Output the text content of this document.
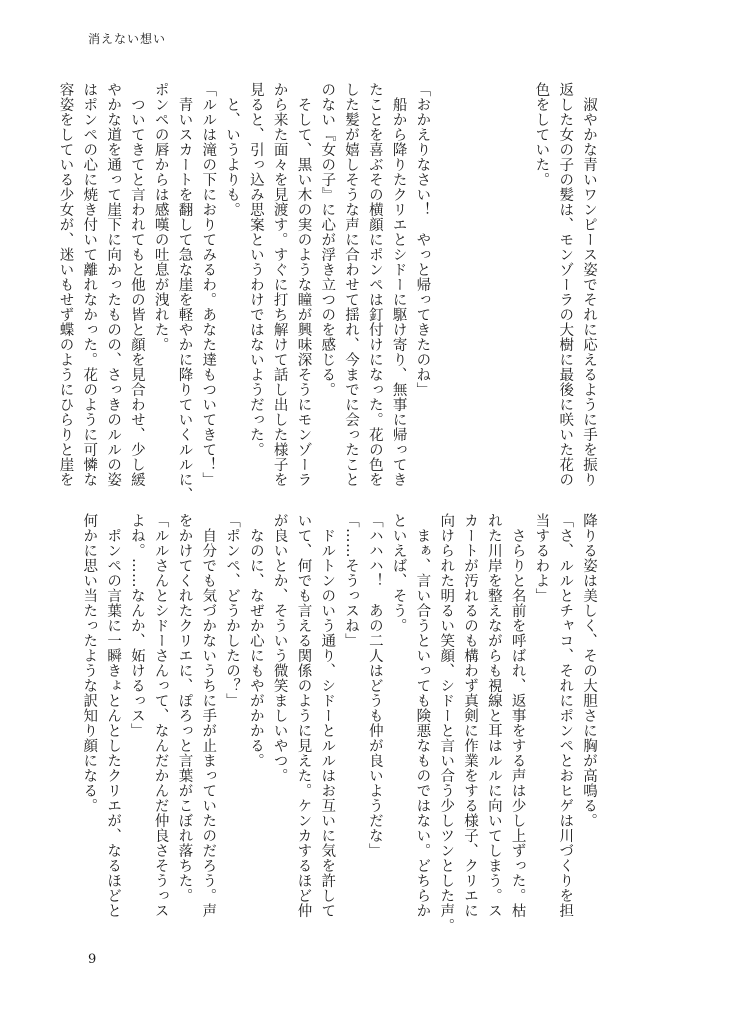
消えない想い
淑やかな青いワンピース姿でそれに応えるように手を振り
返した女の子の髪は、モンゾーラの大樹に最後に咲いた花の
色をしていた。
「おかえりなさい！　やっと帰ってきたのね」
船から降りたクリエとシドーに駆け寄り、無事に帰ってき
たことを喜ぶその横顔にポンペは釘付けになった。花の色を
した髪が嬉しそうな声に合わせて揺れ、今までに会ったこと
のない『女の子』に心が浮き立つのを感じる。
そして、黒い木の実のような瞳が興味深そうにモンゾーラ
から来た面々を見渡す。すぐに打ち解けて話し出した様子を
見ると、引っ込み思案というわけではないようだった。
と、いうよりも。
「ルルは滝の下におりてみるわ。あなた達もついてきて！」
青いスカートを翻して急な崖を軽やかに降りていくルルに、
ポンペの唇からは感嘆の吐息が洩れた。
ついてきてと言われてもと他の皆と顔を見合わせ、少し緩
やかな道を通って崖下に向かったものの、さっきのルルの姿
はポンペの心に焼き付いて離れなかった。花のように可憐な
容姿をしている少女が、迷いもせず蝶のようにひらりと崖を
降りる姿は美しく、その大胆さに胸が高鳴る。
「さ、ルルとチャコ、それにポンペとおヒゲは川づくりを担
当するわよ」
さらりと名前を呼ばれ、返事をする声は少し上ずった。枯
れた川岸を整えながらも視線と耳はルルに向いてしまう。ス
カートが汚れるのも構わず真剣に作業をする様子、クリエに
向けられた明るい笑顔、シドーと言い合う少しツンとした声。
まぁ、言い合うといっても険悪なものではない。どちらか
といえば、そう。
「ハハハ！　あの二人はどうも仲が良いようだな」
「……そうっスね」
ドルトンのいう通り、シドーとルルはお互いに気を許して
いて、何でも言える関係のように見えた。ケンカするほど仲
が良いとか、そういう微笑ましいやつ。
なのに、なぜか心にもやがかかる。
「ポンペ、どうかしたの？」
自分でも気づかないうちに手が止まっていたのだろう。声
をかけてくれたクリエに、ぽろっと言葉がこぼれ落ちた。
「ルルさんとシドーさんって、なんだかんだ仲良さそうっス
よね。……なんか、妬けるっス」
ポンペの言葉に一瞬きょとんとしたクリエが、なるほどと
何かに思い当たったような訳知り顔になる。
9
